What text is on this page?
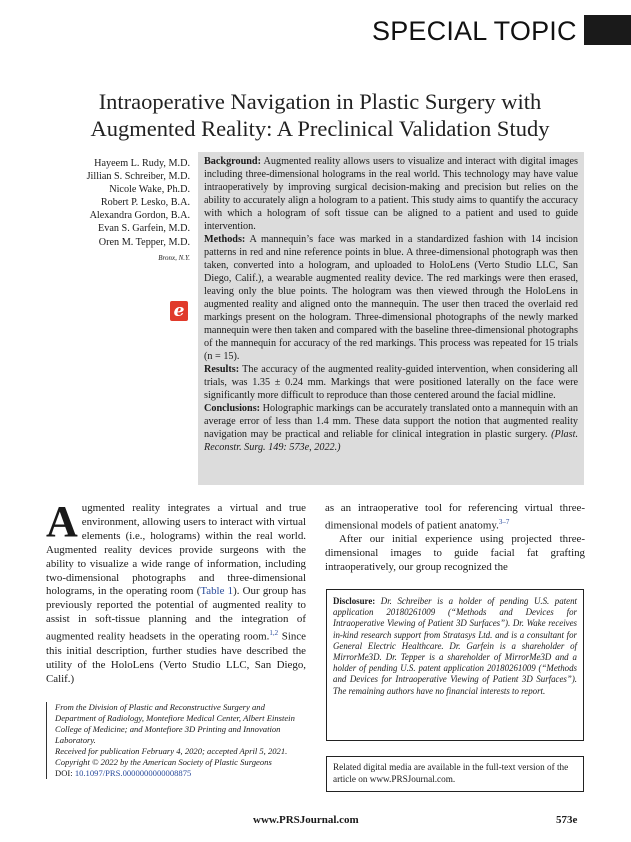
SPECIAL TOPIC
Intraoperative Navigation in Plastic Surgery with
Augmented Reality: A Preclinical Validation Study
Hayeem L. Rudy, M.D.
Jillian S. Schreiber, M.D.
Nicole Wake, Ph.D.
Robert P. Lesko, B.A.
Alexandra Gordon, B.A.
Evan S. Garfein, M.D.
Oren M. Tepper, M.D.
Bronx, N.Y.
e

Background: Augmented reality allows users to visualize and interact with digital images including three-dimensional holograms in the real world. This technology may have value intraoperatively by improving surgical decision-making and precision but relies on the ability to accurately align a hologram to a patient. This study aims to quantify the accuracy with which a hologram of soft tissue can be aligned to a patient and used to guide intervention.

Methods: A mannequin’s face was marked in a standardized fashion with 14 incision patterns in red and nine reference points in blue. A three-dimensional photograph was then taken, converted into a hologram, and uploaded to HoloLens (Verto Studio LLC, San Diego, Calif.), a wearable augmented reality device. The red markings were then erased, leaving only the blue points. The hologram was then viewed through the HoloLens in augmented reality and aligned onto the mannequin. The user then traced the overlaid red markings present on the hologram. Three-dimensional photographs of the newly marked mannequin were then taken and compared with the baseline three-dimensional photographs of the mannequin for accuracy of the red markings. This process was repeated for 15 trials (n = 15).

Results: The accuracy of the augmented reality-guided intervention, when considering all trials, was 1.35 ± 0.24 mm. Markings that were positioned laterally on the face were significantly more difficult to reproduce than those centered around the facial midline.

Conclusions: Holographic markings can be accurately translated onto a mannequin with an average error of less than 1.4 mm. These data support the notion that augmented reality navigation may be practical and reliable for clinical integration in plastic surgery. (Plast. Reconstr. Surg. 149: 573e, 2022.)

Augmented reality integrates a virtual and true environment, allowing users to interact with virtual elements (i.e., holograms) within the real world. Augmented reality devices provide surgeons with the ability to visualize a wide range of information, including two-dimensional photographs and three-dimensional holograms, in the operating room (Table 1). Our group has previously reported the potential of augmented reality to assist in soft-tissue planning and the integration of augmented reality headsets in the operating room.$^{1,2}$ Since this initial description, further studies have described the utility of the HoloLens (Verto Studio LLC, San Diego, Calif.)

as an intraoperative tool for referencing virtual three-dimensional models of patient anatomy.$^{3-7}$

After our initial experience using projected three-dimensional images to guide facial fat grafting intraoperatively, our group recognized the

Disclosure: Dr. Schreiber is a holder of pending U.S. patent application 20180261009 (“Methods and Devices for Intraoperative Viewing of Patient 3D Surfaces”). Dr. Wake receives in-kind research support from Stratasys Ltd. and is a consultant for General Electric Healthcare. Dr. Garfein is a shareholder of MirrorMe3D. Dr. Tepper is a shareholder of MirrorMe3D and a holder of pending U.S. patent application 20180261009 (“Methods and Devices for Intraoperative Viewing of Patient 3D Surfaces”). The remaining authors have no financial interests to report.
Related digital media are available in the full-text version of the article on www.PRSJournal.com.
From the Division of Plastic and Reconstructive Surgery and Department of Radiology, Montefiore Medical Center, Albert Einstein College of Medicine; and Montefiore 3D Printing and Innovation Laboratory.
Received for publication February 4, 2020; accepted April 5, 2021.
Copyright © 2022 by the American Society of Plastic Surgeons
DOI: 10.1097/PRS.0000000000008875
www.PRSJournal.com	573e
